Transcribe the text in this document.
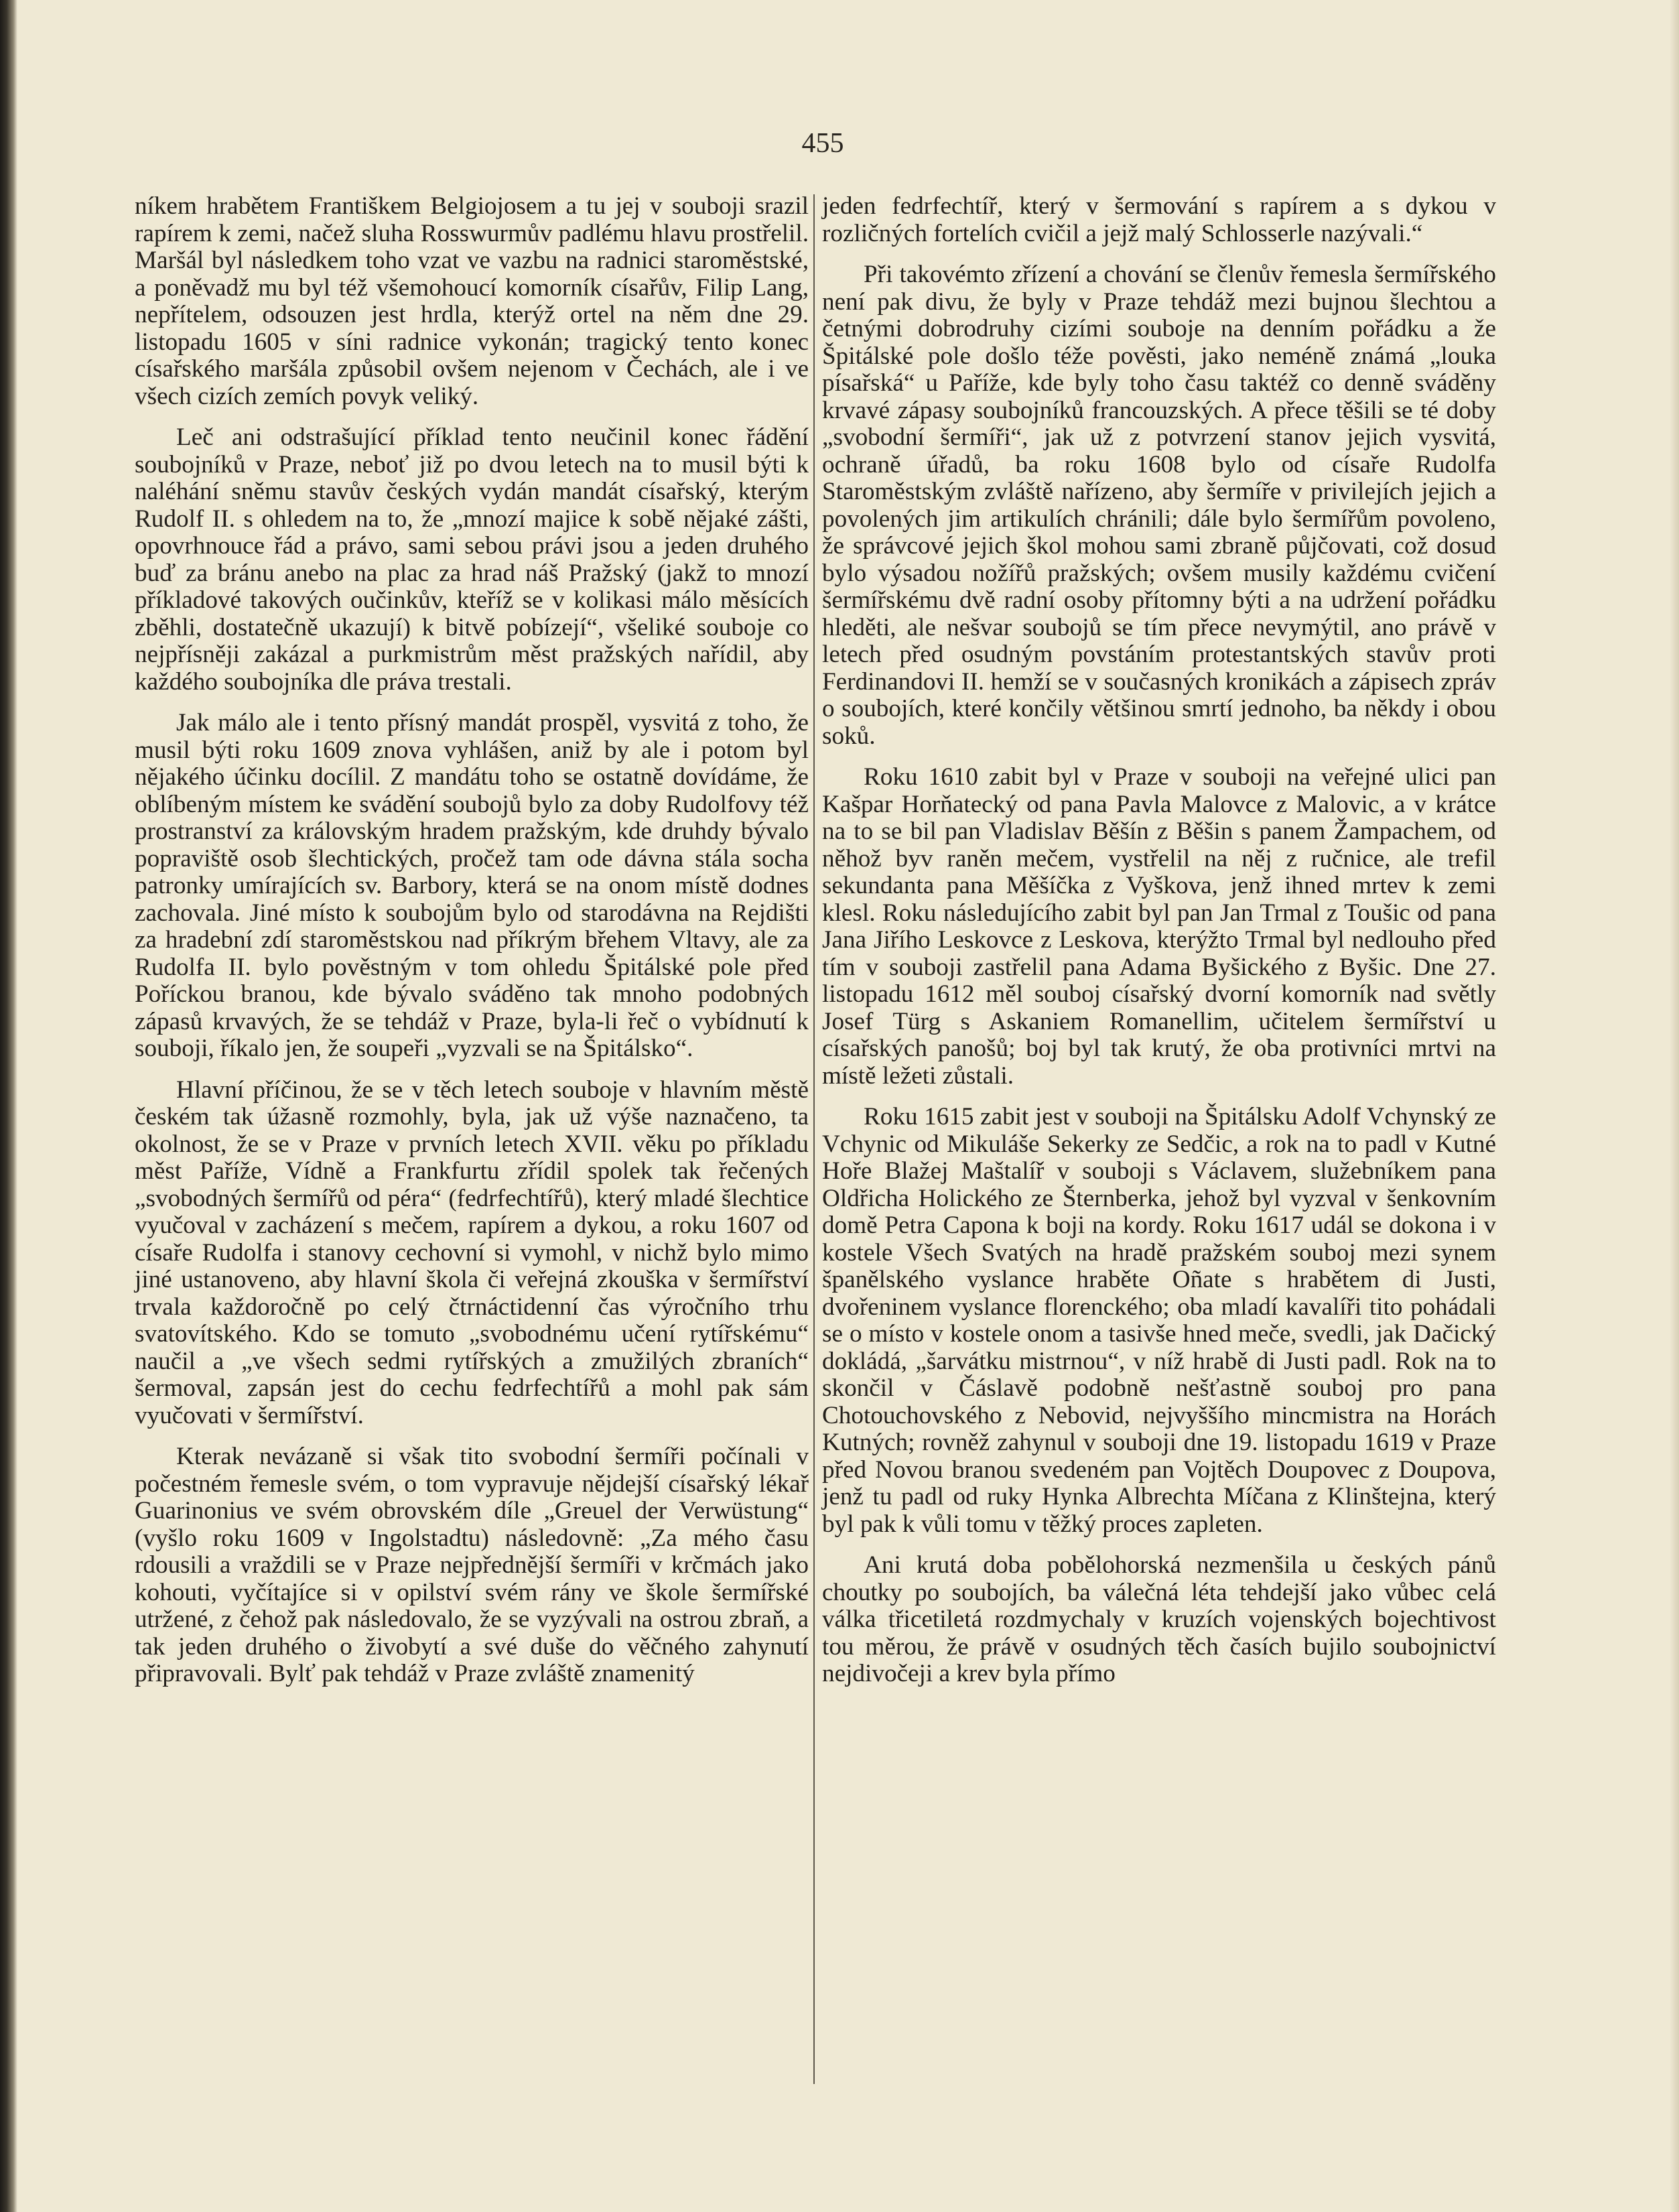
455

níkem hrabětem Františkem Belgiojosem a tu jej v souboji srazil rapírem k zemi, načež sluha Rosswurmův padlému hlavu prostřelil. Maršál byl následkem toho vzat ve vazbu na radnici staroměstské, a poněvadž mu byl též všemohoucí komorník císařův, Filip Lang, nepřítelem, odsouzen jest hrdla, kterýž ortel na něm dne 29. listopadu 1605 v síni radnice vykonán; tragický tento konec císařského maršála způsobil ovšem nejenom v Čechách, ale i ve všech cizích zemích povyk veliký.

Leč ani odstrašující příklad tento neučinil konec řádění soubojníků v Praze, neboť již po dvou letech na to musil býti k naléhání sněmu stavův českých vydán mandát císařský, kterým Rudolf II. s ohledem na to, že „mnozí majice k sobě nějaké zášti, opovrhnouce řád a právo, sami sebou právi jsou a jeden druhého buď za bránu anebo na plac za hrad náš Pražský (jakž to mnozí příkladové takových oučinkův, kteříž se v kolikasi málo měsících zběhli, dostatečně ukazují) k bitvě pobízejí“, všeliké souboje co nejpřísněji zakázal a purkmistrům měst pražských nařídil, aby každého soubojníka dle práva trestali.

Jak málo ale i tento přísný mandát prospěl, vysvitá z toho, že musil býti roku 1609 znova vyhlášen, aniž by ale i potom byl nějakého účinku docílil. Z mandátu toho se ostatně dovídáme, že oblíbeným místem ke svádění soubojů bylo za doby Rudolfovy též prostranství za královským hradem pražským, kde druhdy bývalo popraviště osob šlechtických, pročež tam ode dávna stála socha patronky umírajících sv. Barbory, která se na onom místě dodnes zachovala. Jiné místo k soubojům bylo od starodávna na Rejdišti za hradební zdí staroměstskou nad příkrým břehem Vltavy, ale za Rudolfa II. bylo pověstným v tom ohledu Špitálské pole před Poříckou branou, kde bývalo sváděno tak mnoho podobných zápasů krvavých, že se tehdáž v Praze, byla-li řeč o vybídnutí k souboji, říkalo jen, že soupeři „vyzvali se na Špitálsko“.

Hlavní příčinou, že se v těch letech souboje v hlavním městě českém tak úžasně rozmohly, byla, jak už výše naznačeno, ta okolnost, že se v Praze v prvních letech XVII. věku po příkladu měst Paříže, Vídně a Frankfurtu zřídil spolek tak řečených „svobodných šermířů od péra“ (fedrfechtířů), který mladé šlechtice vyučoval v zacházení s mečem, rapírem a dykou, a roku 1607 od císaře Rudolfa i stanovy cechovní si vymohl, v nichž bylo mimo jiné ustanoveno, aby hlavní škola či veřejná zkouška v šermířství trvala každoročně po celý čtrnáctidenní čas výročního trhu svatovítského. Kdo se tomuto „svobodnému učení rytířskému“ naučil a „ve všech sedmi rytířských a zmužilých zbraních“ šermoval, zapsán jest do cechu fedrfechtířů a mohl pak sám vyučovati v šermířství.

Kterak nevázaně si však tito svobodní šermíři počínali v počestném řemesle svém, o tom vypravuje nějdejší císařský lékař Guarinonius ve svém obrovském díle „Greuel der Verwüstung“ (vyšlo roku 1609 v Ingolstadtu) následovně: „Za mého času rdousili a vraždili se v Praze nejpřednější šermíři v krčmách jako kohouti, vyčítajíce si v opilství svém rány ve škole šermířské utržené, z čehož pak následovalo, že se vyzývali na ostrou zbraň, a tak jeden druhého o živobytí a své duše do věčného zahynutí připravovali. Bylť pak tehdáž v Praze zvláště znamenitý

jeden fedrfechtíř, který v šermování s rapírem a s dykou v rozličných fortelích cvičil a jejž malý Schlosserle nazývali.“

Při takovémto zřízení a chování se členův řemesla šermířského není pak divu, že byly v Praze tehdáž mezi bujnou šlechtou a četnými dobrodruhy cizími souboje na denním pořádku a že Špitálské pole došlo téže pověsti, jako neméně známá „louka písařská“ u Paříže, kde byly toho času taktéž co denně sváděny krvavé zápasy soubojníků francouzských. A přece těšili se té doby „svobodní šermíři“, jak už z potvrzení stanov jejich vysvitá, ochraně úřadů, ba roku 1608 bylo od císaře Rudolfa Staroměstským zvláště nařízeno, aby šermíře v privilejích jejich a povolených jim artikulích chránili; dále bylo šermířům povoleno, že správcové jejich škol mohou sami zbraně půjčovati, což dosud bylo výsadou nožířů pražských; ovšem musily každému cvičení šermířskému dvě radní osoby přítomny býti a na udržení pořádku hleděti, ale nešvar soubojů se tím přece nevymýtil, ano právě v letech před osudným povstáním protestantských stavův proti Ferdinandovi II. hemží se v současných kronikách a zápisech zpráv o soubojích, které končily většinou smrtí jednoho, ba někdy i obou soků.

Roku 1610 zabit byl v Praze v souboji na veřejné ulici pan Kašpar Horňatecký od pana Pavla Malovce z Malovic, a v krátce na to se bil pan Vladislav Běšín z Běšin s panem Žampachem, od něhož byv raněn mečem, vystřelil na něj z ručnice, ale trefil sekundanta pana Měšíčka z Vyškova, jenž ihned mrtev k zemi klesl. Roku následujícího zabit byl pan Jan Trmal z Toušic od pana Jana Jiřího Leskovce z Leskova, kterýžto Trmal byl nedlouho před tím v souboji zastřelil pana Adama Byšického z Byšic. Dne 27. listopadu 1612 měl souboj císařský dvorní komorník nad světly Josef Türg s Askaniem Romanellim, učitelem šermířství u císařských panošů; boj byl tak krutý, že oba protivníci mrtvi na místě ležeti zůstali.

Roku 1615 zabit jest v souboji na Špitálsku Adolf Vchynský ze Vchynic od Mikuláše Sekerky ze Sedčic, a rok na to padl v Kutné Hoře Blažej Maštalíř v souboji s Václavem, služebníkem pana Oldřicha Holického ze Šternberka, jehož byl vyzval v šenkovním domě Petra Capona k boji na kordy. Roku 1617 udál se dokona i v kostele Všech Svatých na hradě pražském souboj mezi synem španělského vyslance hraběte Oñate s hrabětem di Justi, dvořeninem vyslance florenckého; oba mladí kavalíři tito pohádali se o místo v kostele onom a tasivše hned meče, svedli, jak Dačický dokládá, „šarvátku mistrnou“, v níž hrabě di Justi padl. Rok na to skončil v Čáslavě podobně nešťastně souboj pro pana Chotouchovského z Nebovid, nejvyššího mincmistra na Horách Kutných; rovněž zahynul v souboji dne 19. listopadu 1619 v Praze před Novou branou svedeném pan Vojtěch Doupovec z Doupova, jenž tu padl od ruky Hynka Albrechta Míčana z Klinštejna, který byl pak k vůli tomu v těžký proces zapleten.

Ani krutá doba pobělohorská nezmenšila u českých pánů choutky po soubojích, ba válečná léta tehdejší jako vůbec celá válka třicetiletá rozdmychaly v kruzích vojenských bojechtivost tou měrou, že právě v osudných těch časích bujilo soubojnictví nejdivočeji a krev byla přímo
